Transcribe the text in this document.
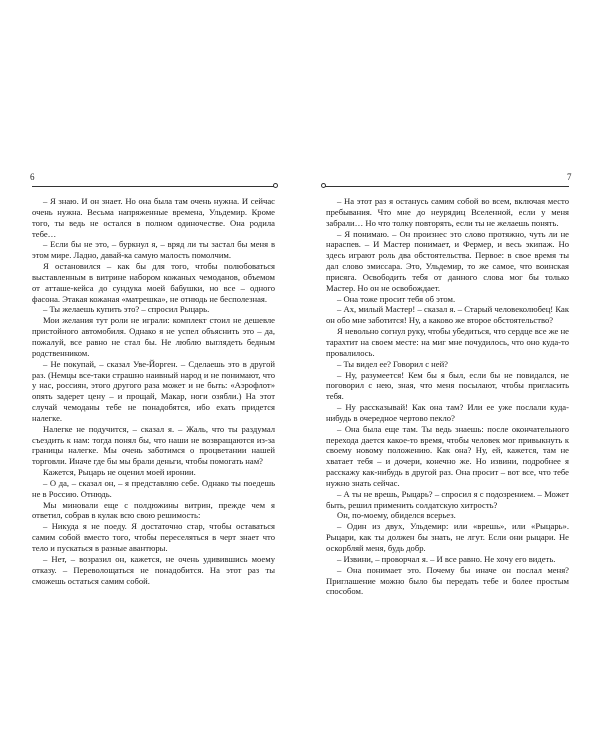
6

– Я знаю. И он знает. Но она была там очень нужна. И сейчас очень нужна. Весьма напряженные времена, Ульдемир. Кроме того, ты ведь не остался в полном одиночестве. Она родила тебе…

– Если бы не это, – буркнул я, – вряд ли ты застал бы меня в этом мире. Ладно, давай-ка самую малость помолчим.

Я остановился – как бы для того, чтобы полюбоваться выставленным в витрине набором кожаных чемоданов, объемом от атташе-кейса до сундука моей бабушки, но все – одного фасона. Этакая кожаная «матрешка», не отнюдь не бесполезная.

– Ты желаешь купить это? – спросил Рыцарь.

Мои желания тут роли не играли: комплект стоил не дешевле пристойного автомобиля. Однако я не успел объяснить это – да, пожалуй, все равно не стал бы. Не люблю выглядеть бедным родственником.

– Не покупай, – сказал Уве-Йорген. – Сделаешь это в другой раз. (Немцы все-таки страшно наивный народ и не понимают, что у нас, россиян, этого другого раза может и не быть: «Аэрофлот» опять задерет цену – и прощай, Макар, ноги озябли.) На этот случай чемоданы тебе не понадобятся, ибо ехать придется налегке.

Налегке не подучится, – сказал я. – Жаль, что ты раздумал съездить к нам: тогда понял бы, что наши не возвращаются из-за границы налегке. Мы очень заботимся о процветании нашей торговли. Иначе где бы мы брали деньги, чтобы помогать нам?

Кажется, Рыцарь не оценил моей иронии.

– О да, – сказал он, – я представляю себе. Однако ты поедешь не в Россию. Отнюдь.

Мы миновали еще с полдюжины витрин, прежде чем я ответил, собрав в кулак всю свою решимость:

– Никуда я не поеду. Я достаточно стар, чтобы оставаться самим собой вместо того, чтобы переселяться в черт знает что тело и пускаться в разные авантюры.

– Нет, – возразил он, кажется, не очень удивившись моему отказу. – Переволощаться не понадобится. На этот раз ты сможешь остаться самим собой.

7

– На этот раз я останусь самим собой во всем, включая место пребывания. Что мне до неурядиц Вселенной, если у меня забрали… Но что толку повторять, если ты не желаешь понять.

– Я понимаю. – Он произнес это слово протяжно, чуть ли не нараспев. – И Мастер понимает, и Фермер, и весь экипаж. Но здесь играют роль два обстоятельства. Первое: в свое время ты дал слово эмиссара. Это, Ульдемир, то же самое, что воинская присяга. Освободить тебя от данного слова мог бы только Мастер. Но он не освобождает.

– Она тоже просит тебя об этом.

– Ах, милый Мастер! – сказал я. – Старый человеколюбец! Как он обо мне заботится! Ну, а каково же второе обстоятельство?

Я невольно согнул руку, чтобы убедиться, что сердце все же не тарахтит на своем месте: на миг мне почудилось, что оно куда-то провалилось.

– Ты видел ее? Говорил с ней?

– Ну, разумеется! Кем бы я был, если бы не повидался, не поговорил с нею, зная, что меня посылают, чтобы пригласить тебя.

– Ну рассказывай! Как она там? Или ее уже послали куда-нибудь в очередное чертово пекло?

– Она была еще там. Ты ведь знаешь: после окончательного перехода дается какое-то время, чтобы человек мог привыкнуть к своему новому положению. Как она? Ну, ей, кажется, там не хватает тебя – и дочери, конечно же. Но извини, подробнее я расскажу как-нибудь в другой раз. Она просит – вот все, что тебе нужно знать сейчас.

– А ты не врешь, Рыцарь? – спросил я с подозрением. – Может быть, решил применить солдатскую хитрость?

Он, по-моему, обиделся всерьез.

– Один из двух, Ульдемир: или «врешь», или «Рыцарь». Рыцари, как ты должен бы знать, не лгут. Если они рыцари. Не оскорбляй меня, будь добр.

– Извини, – проворчал я. – И все равно. Не хочу его видеть.

– Она понимает это. Почему бы иначе он послал меня? Приглашение можно было бы передать тебе и более простым способом.
